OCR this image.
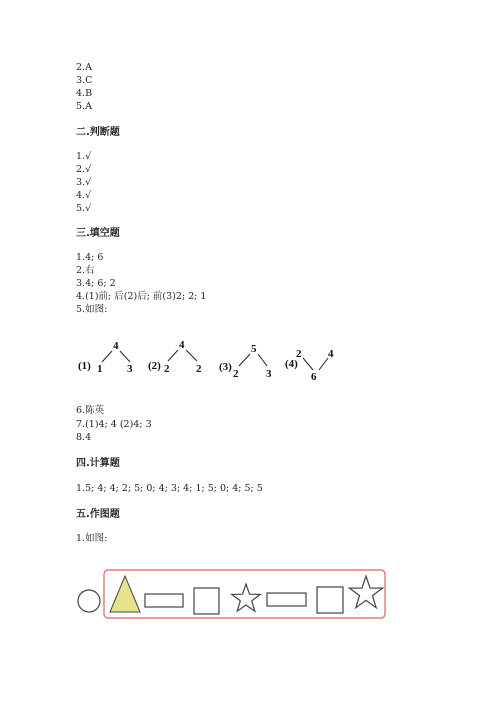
2.A
3.C
4.B
5.A
二.判断题
1.√
2.√
3.√
4.√
5.√
三.填空题
1.4; 6
2.右
3.4; 6; 2
4.(1)前; 后(2)后; 前(3)2; 2; 1
5.如图:
(1)
4
1 3 (2)
4
2 2 (3)
5
2	3
(4)
2 4
6
6.陈英
7.(1)4; 4 (2)4; 3
8.4
四.计算题
1.5; 4; 4; 2; 5; 0; 4; 3; 4; 1; 5; 0; 4; 5; 5
五.作图题
1.如图:
